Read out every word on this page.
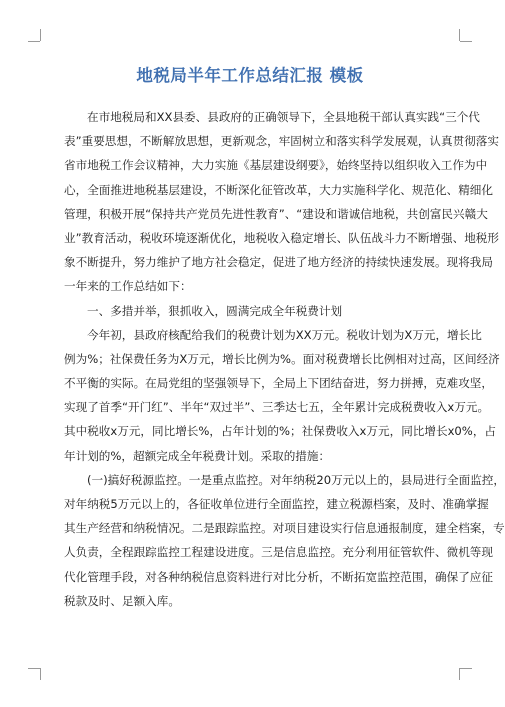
地税局半年工作总结汇报 模板
在市地税局和XX县委、县政府的正确领导下，全县地税干部认真实践“三个代
表”重要思想，不断解放思想，更新观念，牢固树立和落实科学发展观，认真贯彻落实
省市地税工作会议精神，大力实施《基层建设纲要》，始终坚持以组织收入工作为中
心，全面推进地税基层建设，不断深化征管改革，大力实施科学化、规范化、精细化
管理，积极开展“保持共产党员先进性教育”、“建设和谐诚信地税，共创富民兴赣大
业”教育活动，税收环境逐渐优化，地税收入稳定增长、队伍战斗力不断增强、地税形
象不断提升，努力维护了地方社会稳定，促进了地方经济的持续快速发展。现将我局
一年来的工作总结如下：
一、多措并举，狠抓收入，圆满完成全年税费计划
今年初，县政府核配给我们的税费计划为XX万元。税收计划为X万元，增长比
例为%；社保费任务为X万元，增长比例为%。面对税费增长比例相对过高，区间经济
不平衡的实际。在局党组的坚强领导下，全局上下团结奋进，努力拼搏，克难攻坚，
实现了首季“开门红”、半年“双过半”、三季达七五，全年累计完成税费收入x万元。
其中税收x万元，同比增长%，占年计划的%；社保费收入x万元，同比增长x0%，占
年计划的%，超额完成全年税费计划。采取的措施：
(一)搞好税源监控。一是重点监控。对年纳税20万元以上的，县局进行全面监控，
对年纳税5万元以上的，各征收单位进行全面监控，建立税源档案，及时、准确掌握
其生产经营和纳税情况。二是跟踪监控。对项目建设实行信息通报制度，建全档案，专
人负责，全程跟踪监控工程建设进度。三是信息监控。充分利用征管软件、微机等现
代化管理手段，对各种纳税信息资料进行对比分析，不断拓宽监控范围，确保了应征
税款及时、足额入库。
